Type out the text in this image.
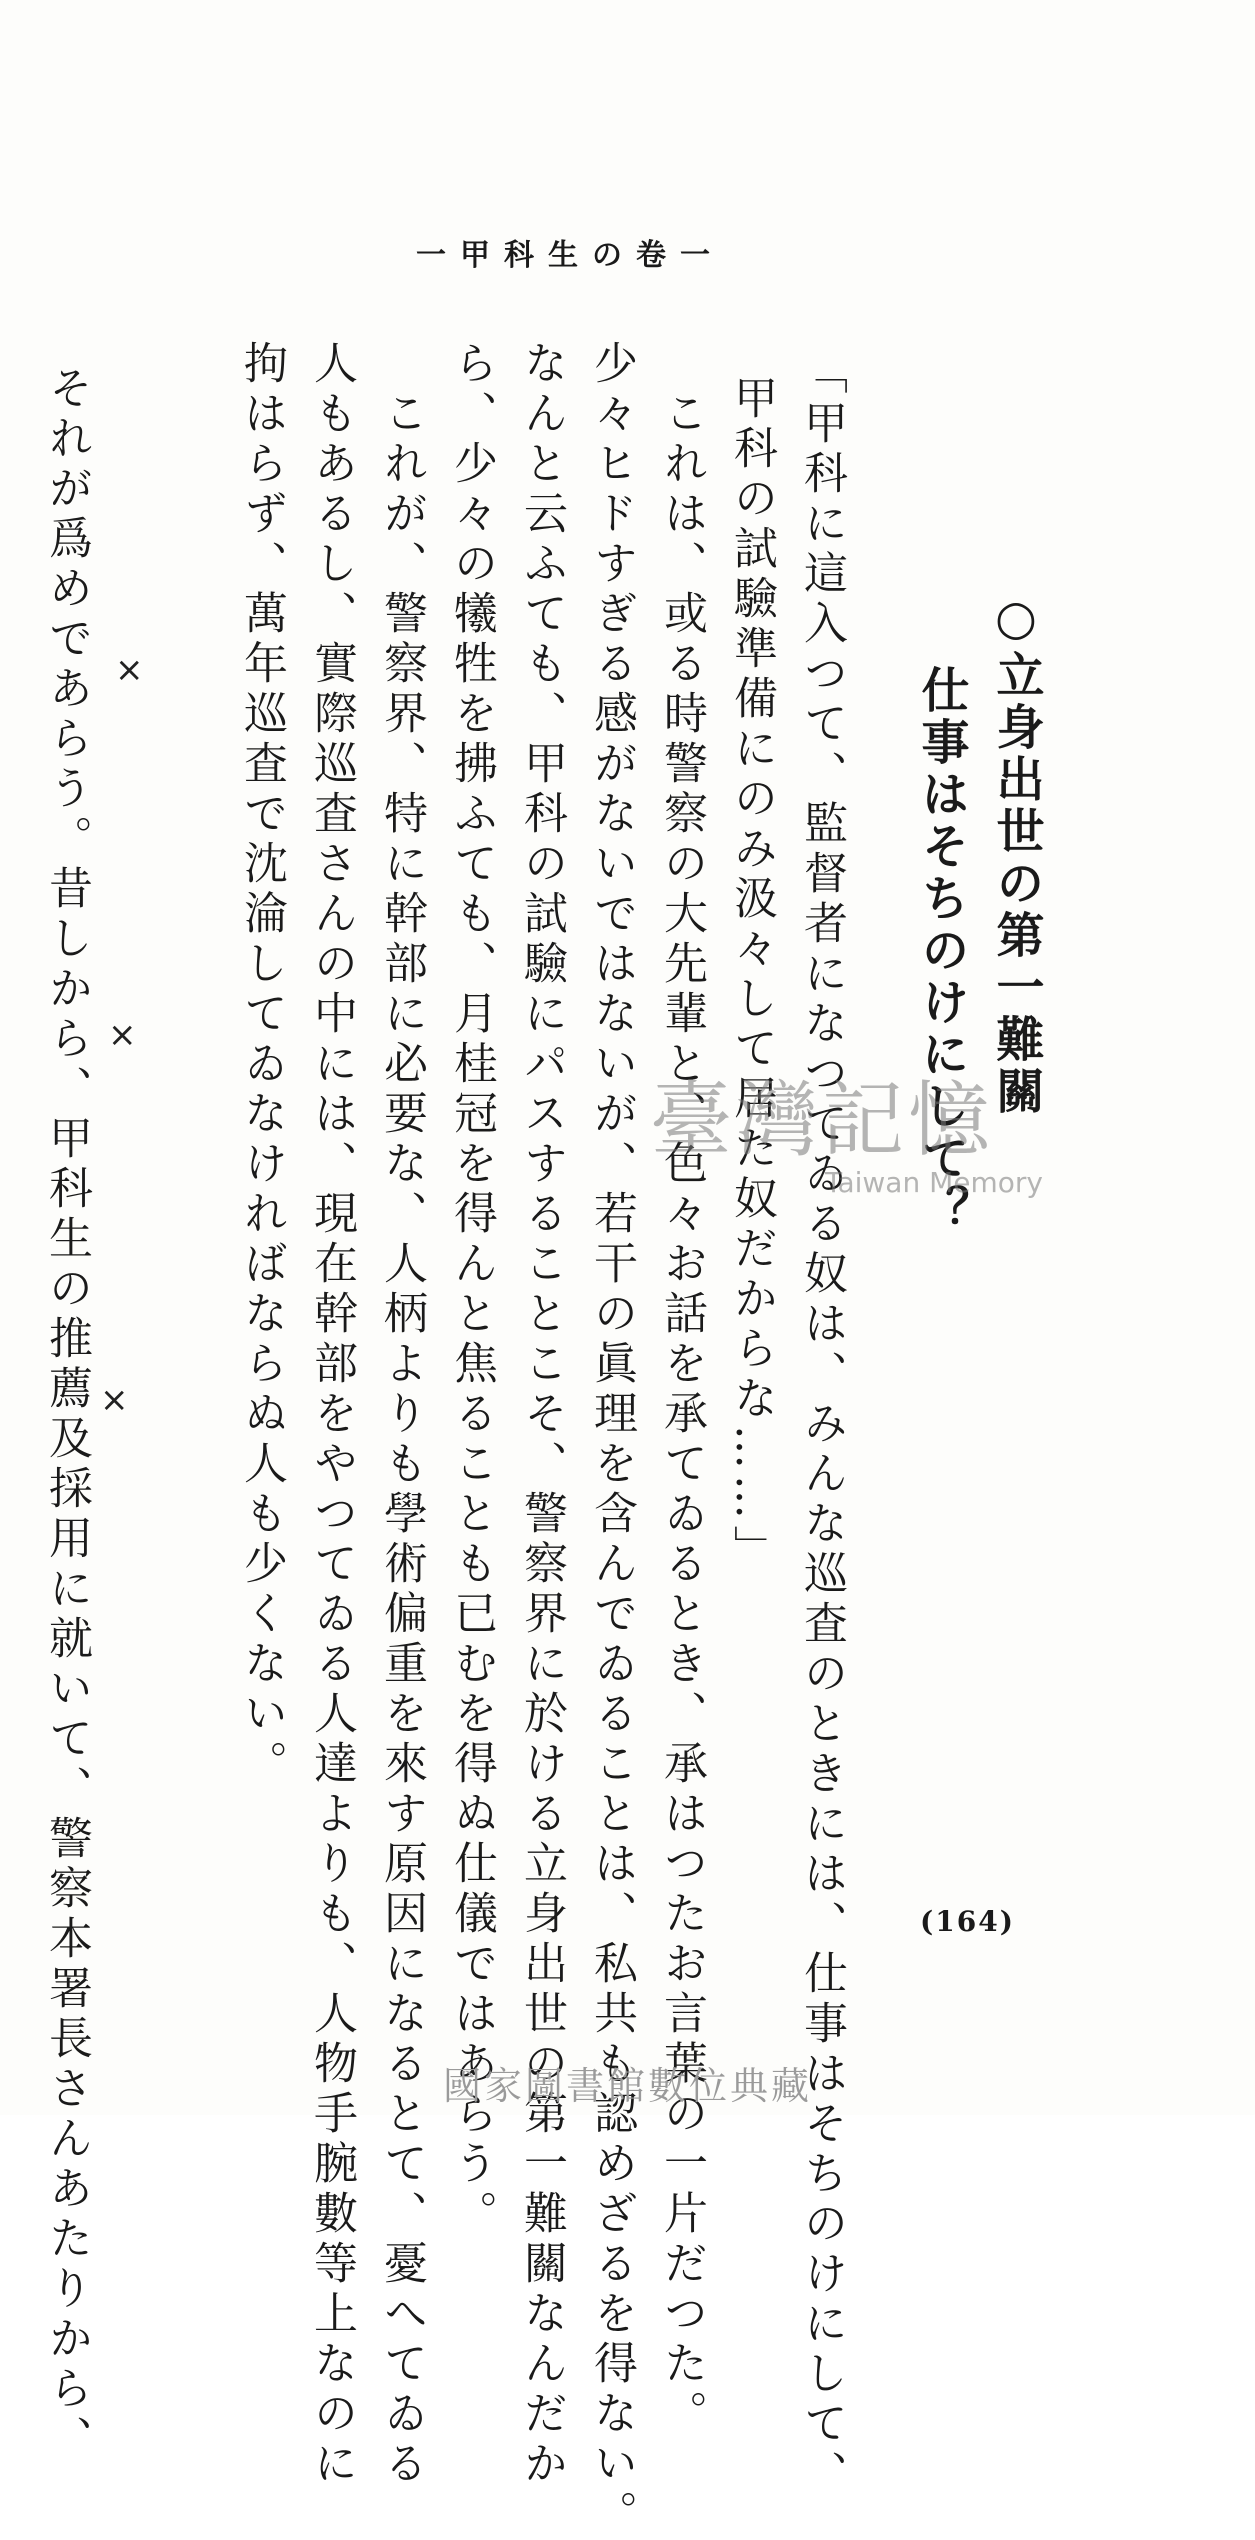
一甲科生の卷一
○立身出世の第一難關
仕事はそちのけにして？
「甲科に這入つて、監督者になつてゐる奴は、みんな巡査のときには、仕事はそちのけにして、
甲科の試驗準備にのみ汲々して居た奴だからな……」
これは、或る時警察の大先輩と、色々お話を承てゐるとき、承はつたお言葉の一片だつた。
少々ヒドすぎる感がないではないが、若干の眞理を含んでゐることは、私共も認めざるを得ない。
なんと云ふても、甲科の試驗にパスすることこそ、警察界に於ける立身出世の第一難關なんだか
ら、少々の犧牲を拂ふても、月桂冠を得んと焦ることも已むを得ぬ仕儀ではあらう。
これが、警察界、特に幹部に必要な、人柄よりも學術偏重を來す原因になるとて、憂へてゐる
人もあるし、實際巡査さんの中には、現在幹部をやつてゐる人達よりも、人物手腕數等上なのに
拘はらず、萬年巡査で沈淪してゐなければならぬ人も少くない。
×
×
×
それが爲めであらう。昔しから、甲科生の推薦及採用に就いて、警察本署長さんあたりから、	臺灣記憶
Taiwan Memory
(164)
國家圖書館數位典藏
